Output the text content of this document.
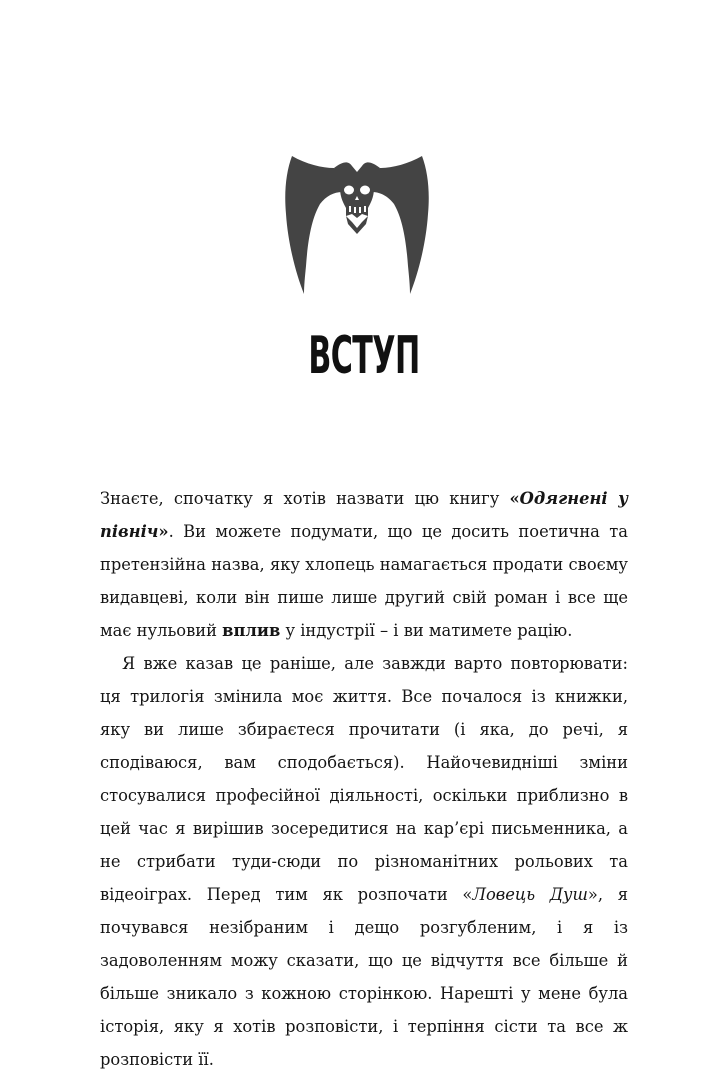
ВСТУП

Знаєте, спочатку я хотів назвати цю книгу «Одягнені у північ». Ви можете подумати, що це досить поетична та претензійна назва, яку хлопець намагається продати своєму видавцеві, коли він пише лише другий свій роман і все ще має нульовий вплив у індустрії – і ви матимете рацію.

Я вже казав це раніше, але завжди варто повторювати: ця трилогія змінила моє життя. Все почалося із книжки, яку ви лише збираєтеся прочитати (і яка, до речі, я сподіваюся, вам сподобається). Найочевидніші зміни стосувалися професійної діяльності, оскільки приблизно в цей час я вирішив зосередитися на кар’єрі письменника, а не стрибати туди-сюди по різноманітних рольових та відеоіграх. Перед тим як розпочати «Ловець Душ», я почувався незібраним і дещо розгубленим, і я із задоволенням можу сказати, що це відчуття все більше й більше зникало з кожною сторінкою. Нарешті у мене була історія, яку я хотів розповісти, і терпіння сісти та все ж розповісти її.
